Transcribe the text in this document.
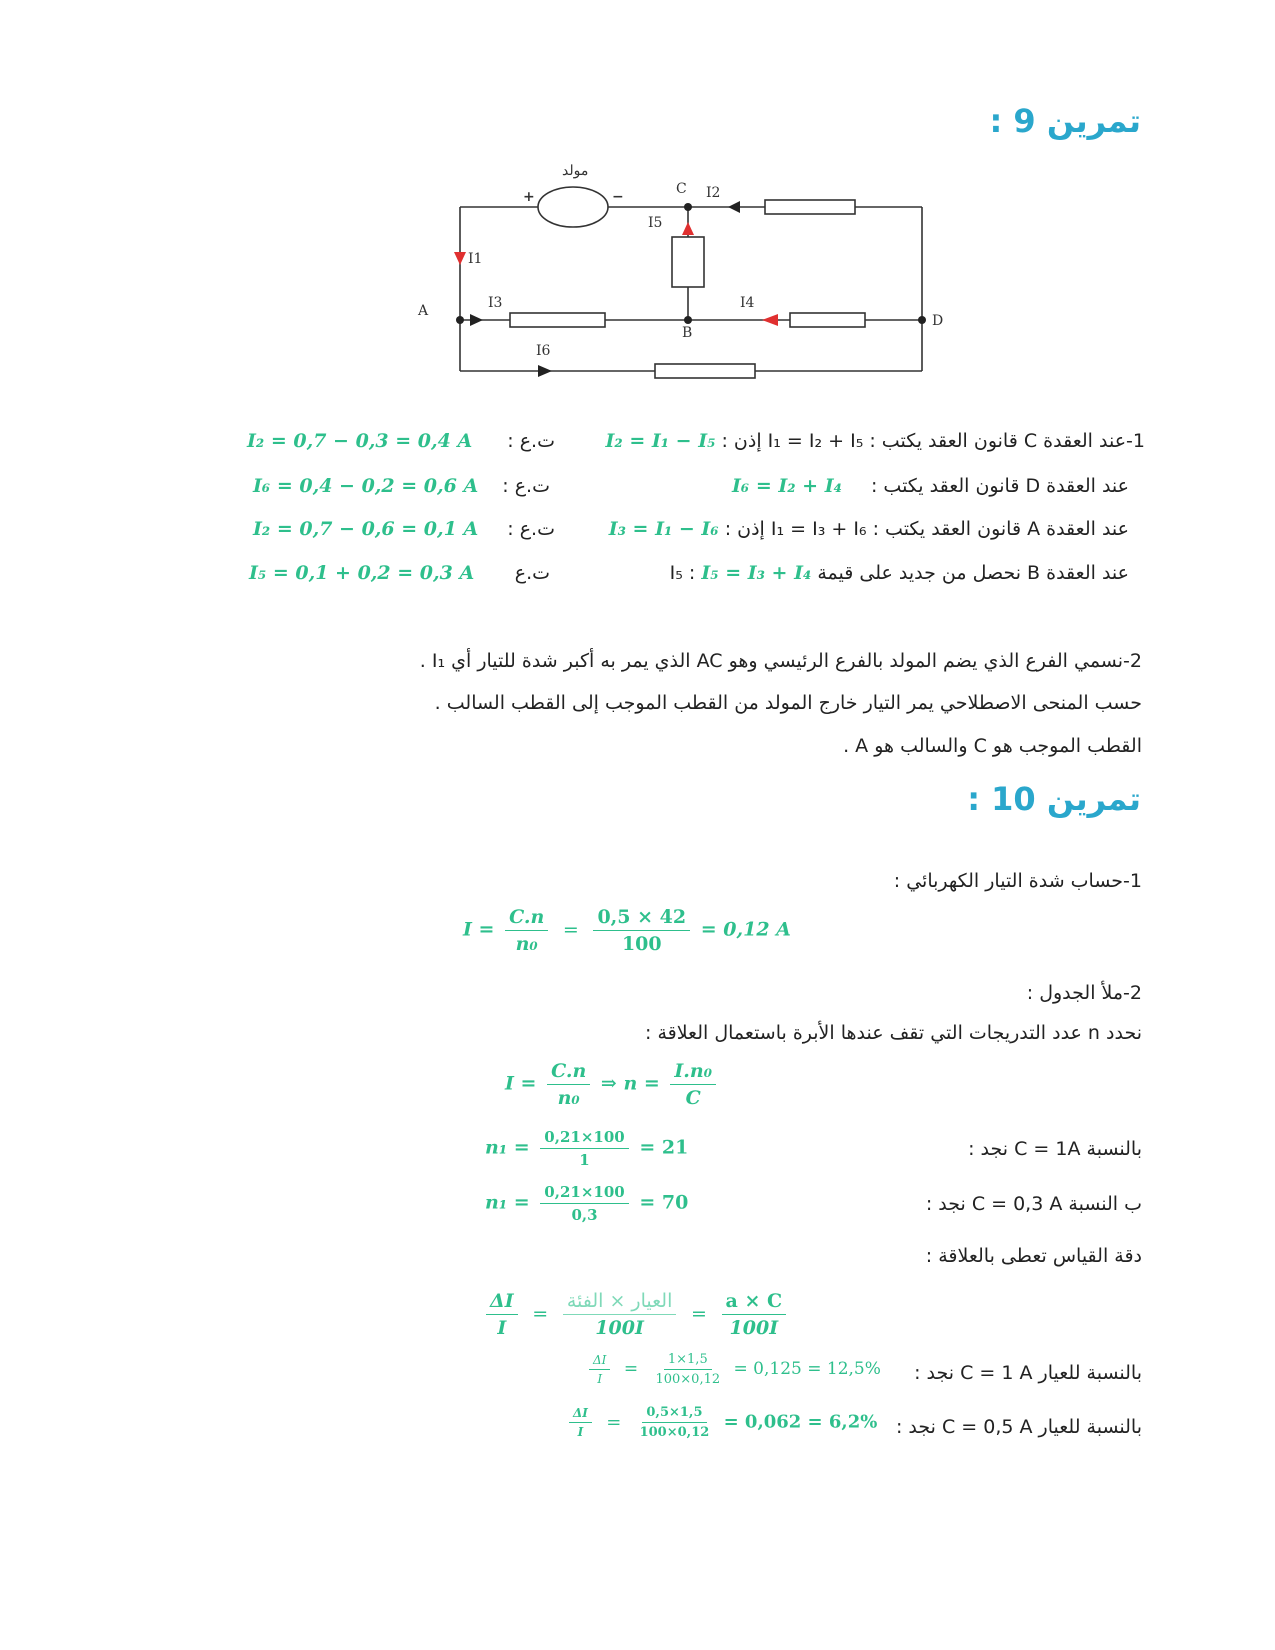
تمرين 9 :
مولد
+	−	C
A
B
D
I1
I2
I3	I4
I5
I6
1-عند العقدة C قانون العقد يكتب : I₁ = I₂ + I₅ إذن : I₂ = I₁ − I₅
ت.ع :
I₂ = 0,7 − 0,3 = 0,4 A
عند العقدة D قانون العقد يكتب :
I₆ = I₂ + I₄
ت.ع :
I₆ = 0,4 − 0,2 = 0,6 A
عند العقدة A قانون العقد يكتب : I₁ = I₃ + I₆ إذن : I₃ = I₁ − I₆
ت.ع :
I₂ = 0,7 − 0,6 = 0,1 A
عند العقدة B نحصل من جديد على قيمة I₅ : I₅ = I₃ + I₄
ت.ع
I₅ = 0,1 + 0,2 = 0,3 A
2-نسمي الفرع الذي يضم المولد بالفرع الرئيسي وهو AC الذي يمر به أكبر شدة للتيار أي I₁ .
حسب المنحى الاصطلاحي يمر التيار خارج المولد من القطب الموجب إلى القطب السالب .
القطب الموجب هو C والسالب هو A .
تمرين 10 :
1-حساب شدة التيار الكهربائي :
$I = \frac{C.n}{\text{n₀}} = \frac{0,5 \times 42}{100} = 0,12$ A
2-ملأ الجدول :
نحدد n عدد التدريجات التي تقف عندها الأبرة باستعمال العلاقة :
$I = \frac{C.n}{\text{n₀}}$ ⇒ $n = \frac{\text{I.n₀}}{C}$
بالنسبة C = 1A نجد :
$n_1 = \frac{0,21\times 100}{1} = 21$
ب النسبة C = 0,3 A نجد :
$n_1 = \frac{0,21\times 100}{0,3} = 70$
دقة القياس تعطى بالعلاقة :
$\frac{\Delta I}{I} = \frac{\text{العيار × الفئة}}{100I} = \frac{a \times C}{100I}$
بالنسبة للعيار C = 1 A نجد :
$\frac{\Delta I}{I} = \frac{1\times 1,5}{100\times 0,12} = 0,125 = 12,5\%$
بالنسبة للعيار C = 0,5 A نجد :
$\frac{\Delta I}{I} = \frac{0,5\times 1,5}{100\times 0,12} = 0,062 = 6,2\%$
